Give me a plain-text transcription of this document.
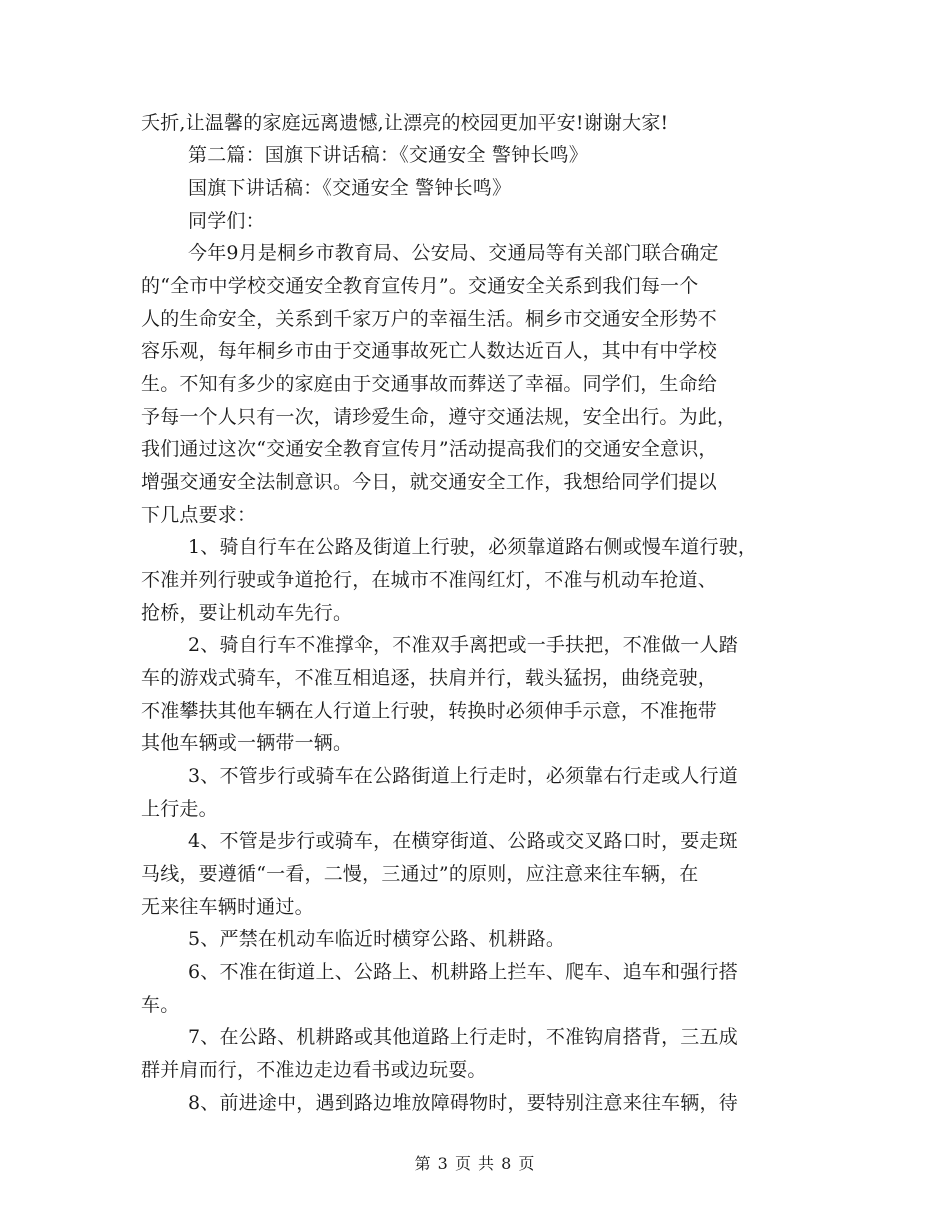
夭折,让温馨的家庭远离遗憾,让漂亮的校园更加平安!谢谢大家!
第二篇：国旗下讲话稿：《交通安全 警钟长鸣》
国旗下讲话稿：《交通安全 警钟长鸣》
同学们：
今年9月是桐乡市教育局、公安局、交通局等有关部门联合确定
的“全市中学校交通安全教育宣传月”。交通安全关系到我们每一个
人的生命安全，关系到千家万户的幸福生活。桐乡市交通安全形势不
容乐观，每年桐乡市由于交通事故死亡人数达近百人，其中有中学校
生。不知有多少的家庭由于交通事故而葬送了幸福。同学们，生命给
予每一个人只有一次，请珍爱生命，遵守交通法规，安全出行。为此，
我们通过这次“交通安全教育宣传月”活动提高我们的交通安全意识，
增强交通安全法制意识。今日，就交通安全工作，我想给同学们提以
下几点要求：
1、骑自行车在公路及街道上行驶，必须靠道路右侧或慢车道行驶，
不准并列行驶或争道抢行，在城市不准闯红灯，不准与机动车抢道、
抢桥，要让机动车先行。
2、骑自行车不准撑伞，不准双手离把或一手扶把，不准做一人踏
车的游戏式骑车，不准互相追逐，扶肩并行，载头猛拐，曲绕竞驶，
不准攀扶其他车辆在人行道上行驶，转换时必须伸手示意，不准拖带
其他车辆或一辆带一辆。
3、不管步行或骑车在公路街道上行走时，必须靠右行走或人行道
上行走。
4、不管是步行或骑车，在横穿街道、公路或交叉路口时，要走斑
马线，要遵循“一看，二慢，三通过”的原则，应注意来往车辆，在
无来往车辆时通过。
5、严禁在机动车临近时横穿公路、机耕路。
6、不准在街道上、公路上、机耕路上拦车、爬车、追车和强行搭
车。
7、在公路、机耕路或其他道路上行走时，不准钩肩搭背，三五成
群并肩而行，不准边走边看书或边玩耍。
8、前进途中，遇到路边堆放障碍物时，要特别注意来往车辆，待
第 3 页 共 8 页
